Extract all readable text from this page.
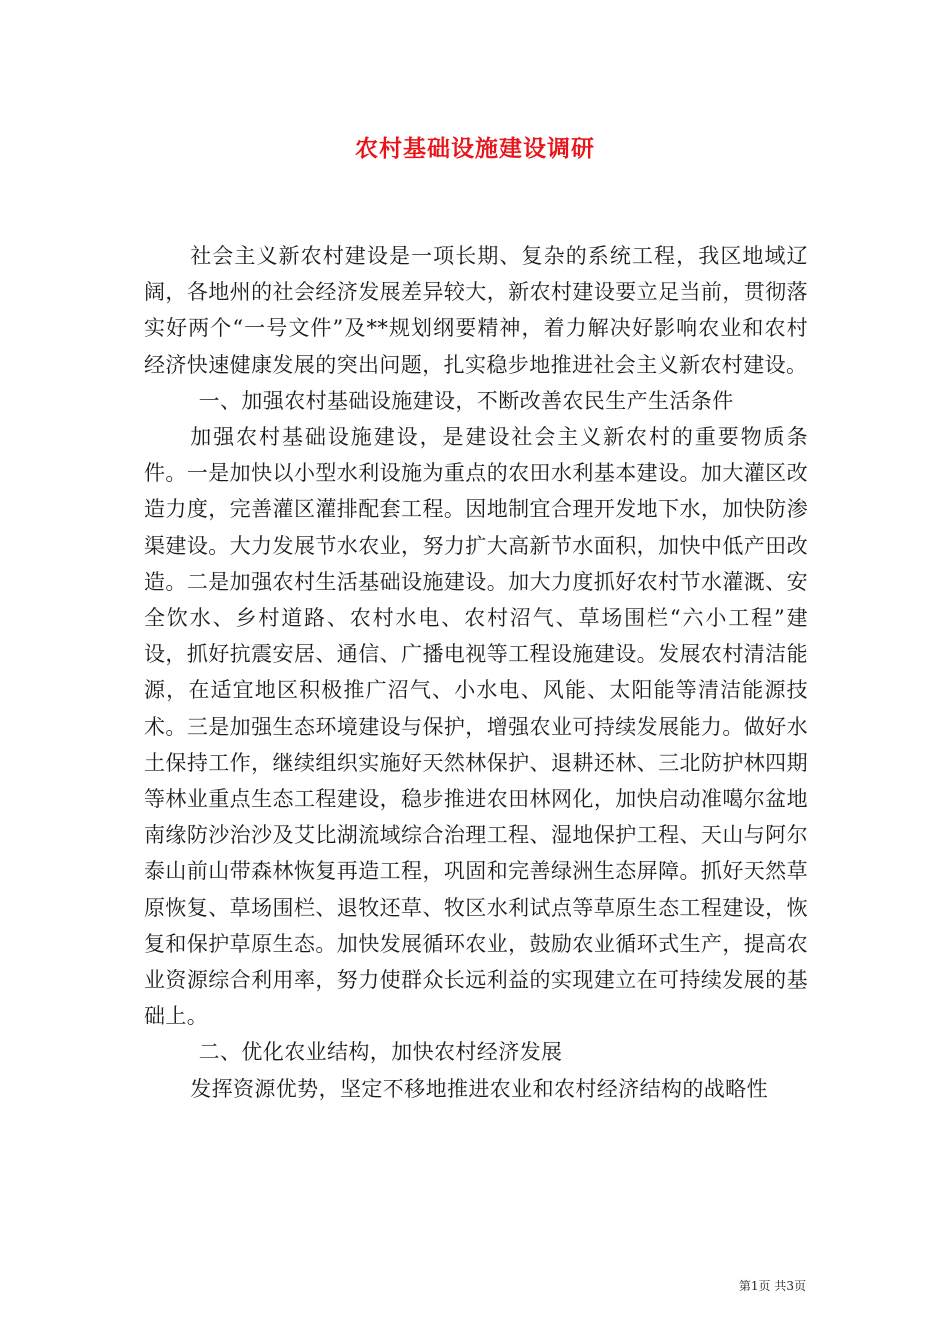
农村基础设施建设调研

社会主义新农村建设是一项长期、复杂的系统工程，我区地域辽阔，各地州的社会经济发展差异较大，新农村建设要立足当前，贯彻落实好两个“一号文件”及**规划纲要精神，着力解决好影响农业和农村经济快速健康发展的突出问题，扎实稳步地推进社会主义新农村建设。

一、加强农村基础设施建设，不断改善农民生产生活条件

加强农村基础设施建设，是建设社会主义新农村的重要物质条件。一是加快以小型水利设施为重点的农田水利基本建设。加大灌区改造力度，完善灌区灌排配套工程。因地制宜合理开发地下水，加快防渗渠建设。大力发展节水农业，努力扩大高新节水面积，加快中低产田改造。二是加强农村生活基础设施建设。加大力度抓好农村节水灌溉、安全饮水、乡村道路、农村水电、农村沼气、草场围栏“六小工程”建设，抓好抗震安居、通信、广播电视等工程设施建设。发展农村清洁能源，在适宜地区积极推广沼气、小水电、风能、太阳能等清洁能源技术。三是加强生态环境建设与保护，增强农业可持续发展能力。做好水土保持工作，继续组织实施好天然林保护、退耕还林、三北防护林四期等林业重点生态工程建设，稳步推进农田林网化，加快启动准噶尔盆地南缘防沙治沙及艾比湖流域综合治理工程、湿地保护工程、天山与阿尔泰山前山带森林恢复再造工程，巩固和完善绿洲生态屏障。抓好天然草原恢复、草场围栏、退牧还草、牧区水利试点等草原生态工程建设，恢复和保护草原生态。加快发展循环农业，鼓励农业循环式生产，提高农业资源综合利用率，努力使群众长远利益的实现建立在可持续发展的基础上。

二、优化农业结构，加快农村经济发展

发挥资源优势，坚定不移地推进农业和农村经济结构的战略性

第1页 共3页
